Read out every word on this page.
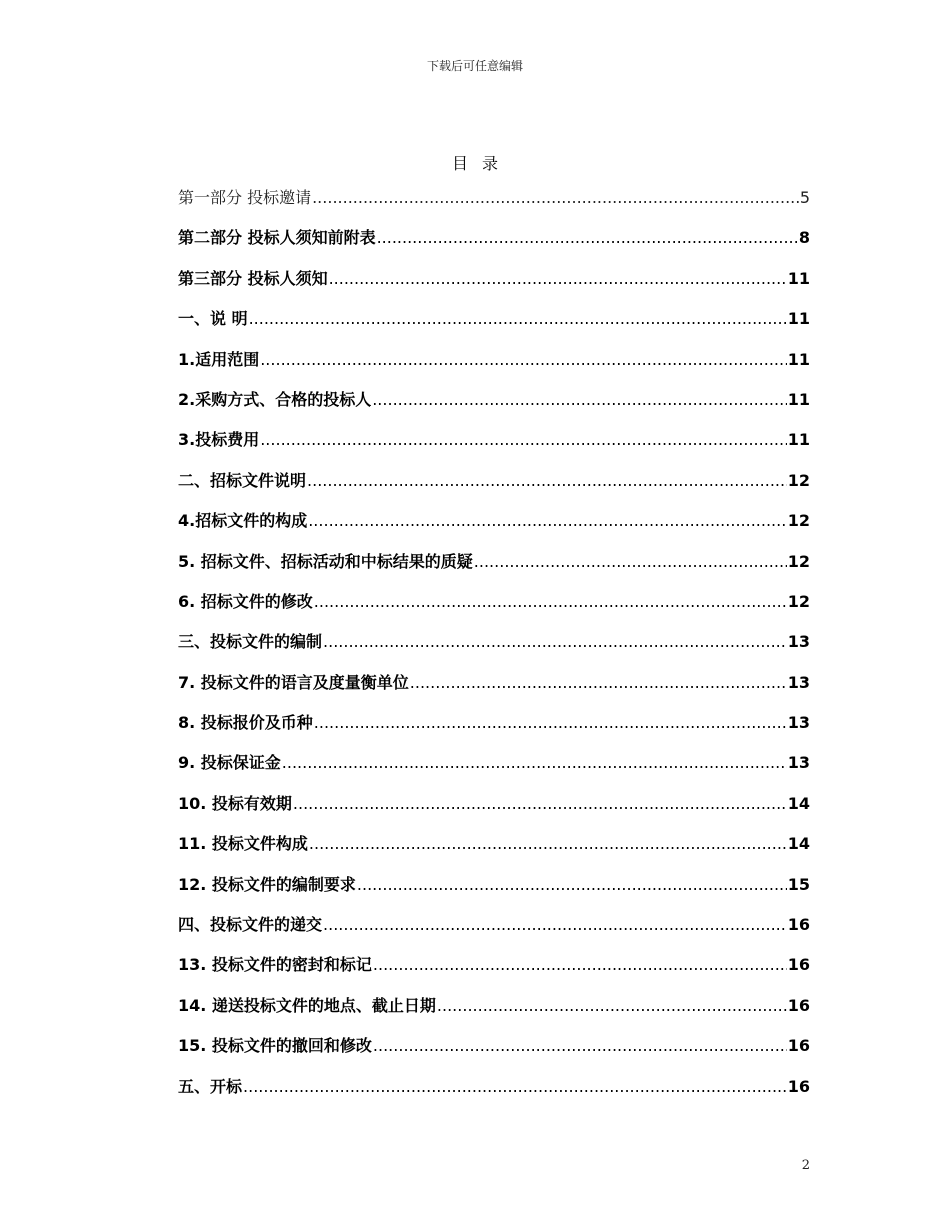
下载后可任意编辑
目录
第一部分 投标邀请 .....	5
第二部分 投标人须知前附表 .....	8
第三部分 投标人须知 .....	11
一、说 明 .....	11
1.适用范围 .....	11
2.采购方式、合格的投标人 .....	11
3.投标费用 .....	11
二、招标文件说明 .....	12
4.招标文件的构成 .....	12
5. 招标文件、招标活动和中标结果的质疑 .....	12
6. 招标文件的修改 .....	12
三、投标文件的编制 .....	13
7. 投标文件的语言及度量衡单位 .....	13
8. 投标报价及币种 .....	13
9. 投标保证金 .....	13
10. 投标有效期 .....	14
11. 投标文件构成 .....	14
12. 投标文件的编制要求 .....	15
四、投标文件的递交 .....	16
13. 投标文件的密封和标记 .....	16
14. 递送投标文件的地点、截止日期 .....	16
15. 投标文件的撤回和修改 .....	16
五、开标 .....	16
2
